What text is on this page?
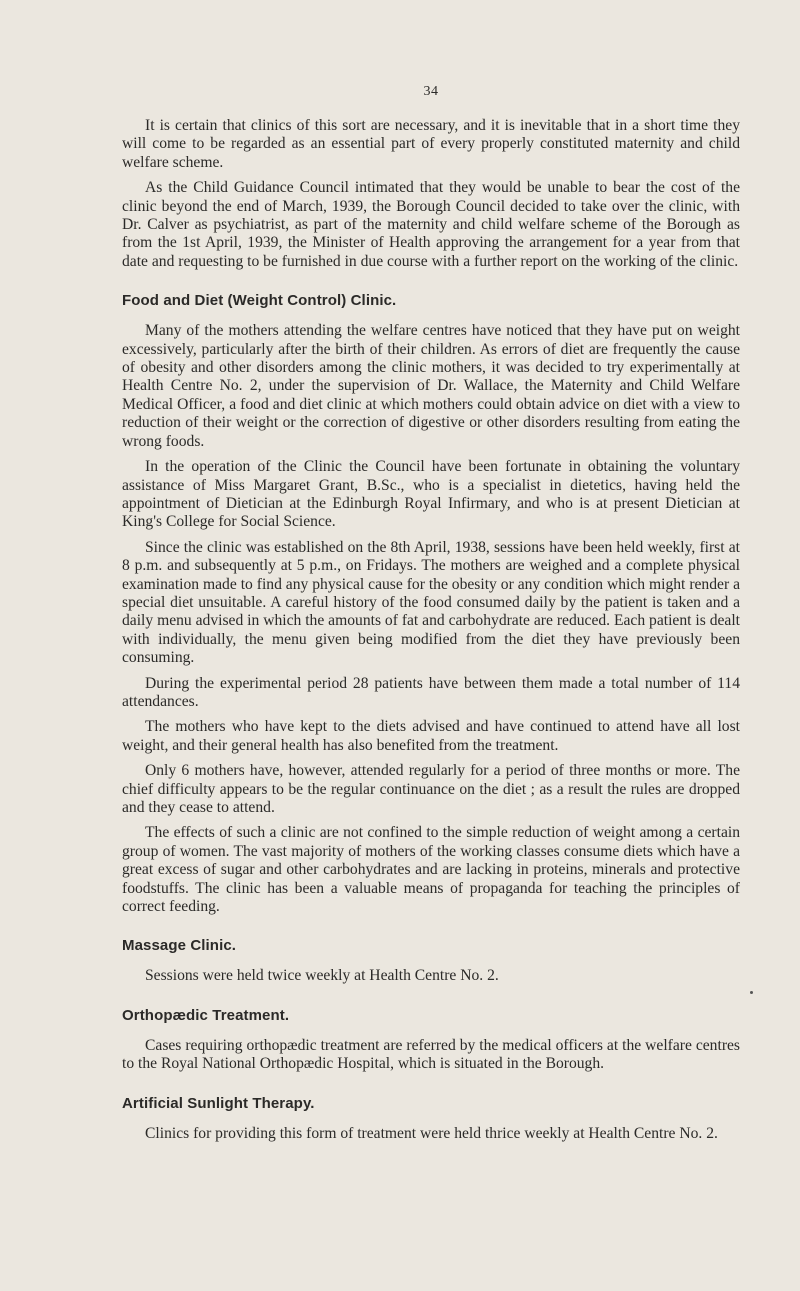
34

It is certain that clinics of this sort are necessary, and it is inevitable that in a short time they will come to be regarded as an essential part of every properly constituted maternity and child welfare scheme.

As the Child Guidance Council intimated that they would be unable to bear the cost of the clinic beyond the end of March, 1939, the Borough Council decided to take over the clinic, with Dr. Calver as psychiatrist, as part of the maternity and child welfare scheme of the Borough as from the 1st April, 1939, the Minister of Health approving the arrangement for a year from that date and requesting to be furnished in due course with a further report on the working of the clinic.

Food and Diet (Weight Control) Clinic.

Many of the mothers attending the welfare centres have noticed that they have put on weight excessively, particularly after the birth of their children. As errors of diet are frequently the cause of obesity and other disorders among the clinic mothers, it was decided to try experimentally at Health Centre No. 2, under the supervision of Dr. Wallace, the Maternity and Child Welfare Medical Officer, a food and diet clinic at which mothers could obtain advice on diet with a view to reduction of their weight or the correction of digestive or other disorders resulting from eating the wrong foods.

In the operation of the Clinic the Council have been fortunate in obtaining the voluntary assistance of Miss Margaret Grant, B.Sc., who is a specialist in dietetics, having held the appointment of Dietician at the Edinburgh Royal Infirmary, and who is at present Dietician at King's College for Social Science.

Since the clinic was established on the 8th April, 1938, sessions have been held weekly, first at 8 p.m. and subsequently at 5 p.m., on Fridays. The mothers are weighed and a complete physical examination made to find any physical cause for the obesity or any condition which might render a special diet unsuitable. A careful history of the food consumed daily by the patient is taken and a daily menu advised in which the amounts of fat and carbohydrate are reduced. Each patient is dealt with individually, the menu given being modified from the diet they have previously been consuming.

During the experimental period 28 patients have between them made a total number of 114 attendances.

The mothers who have kept to the diets advised and have continued to attend have all lost weight, and their general health has also benefited from the treatment.

Only 6 mothers have, however, attended regularly for a period of three months or more. The chief difficulty appears to be the regular continuance on the diet ; as a result the rules are dropped and they cease to attend.

The effects of such a clinic are not confined to the simple reduction of weight among a certain group of women. The vast majority of mothers of the working classes consume diets which have a great excess of sugar and other carbohydrates and are lacking in proteins, minerals and protective foodstuffs. The clinic has been a valuable means of propaganda for teaching the principles of correct feeding.

Massage Clinic.

Sessions were held twice weekly at Health Centre No. 2.

Orthopædic Treatment.

Cases requiring orthopædic treatment are referred by the medical officers at the welfare centres to the Royal National Orthopædic Hospital, which is situated in the Borough.

Artificial Sunlight Therapy.

Clinics for providing this form of treatment were held thrice weekly at Health Centre No. 2.
